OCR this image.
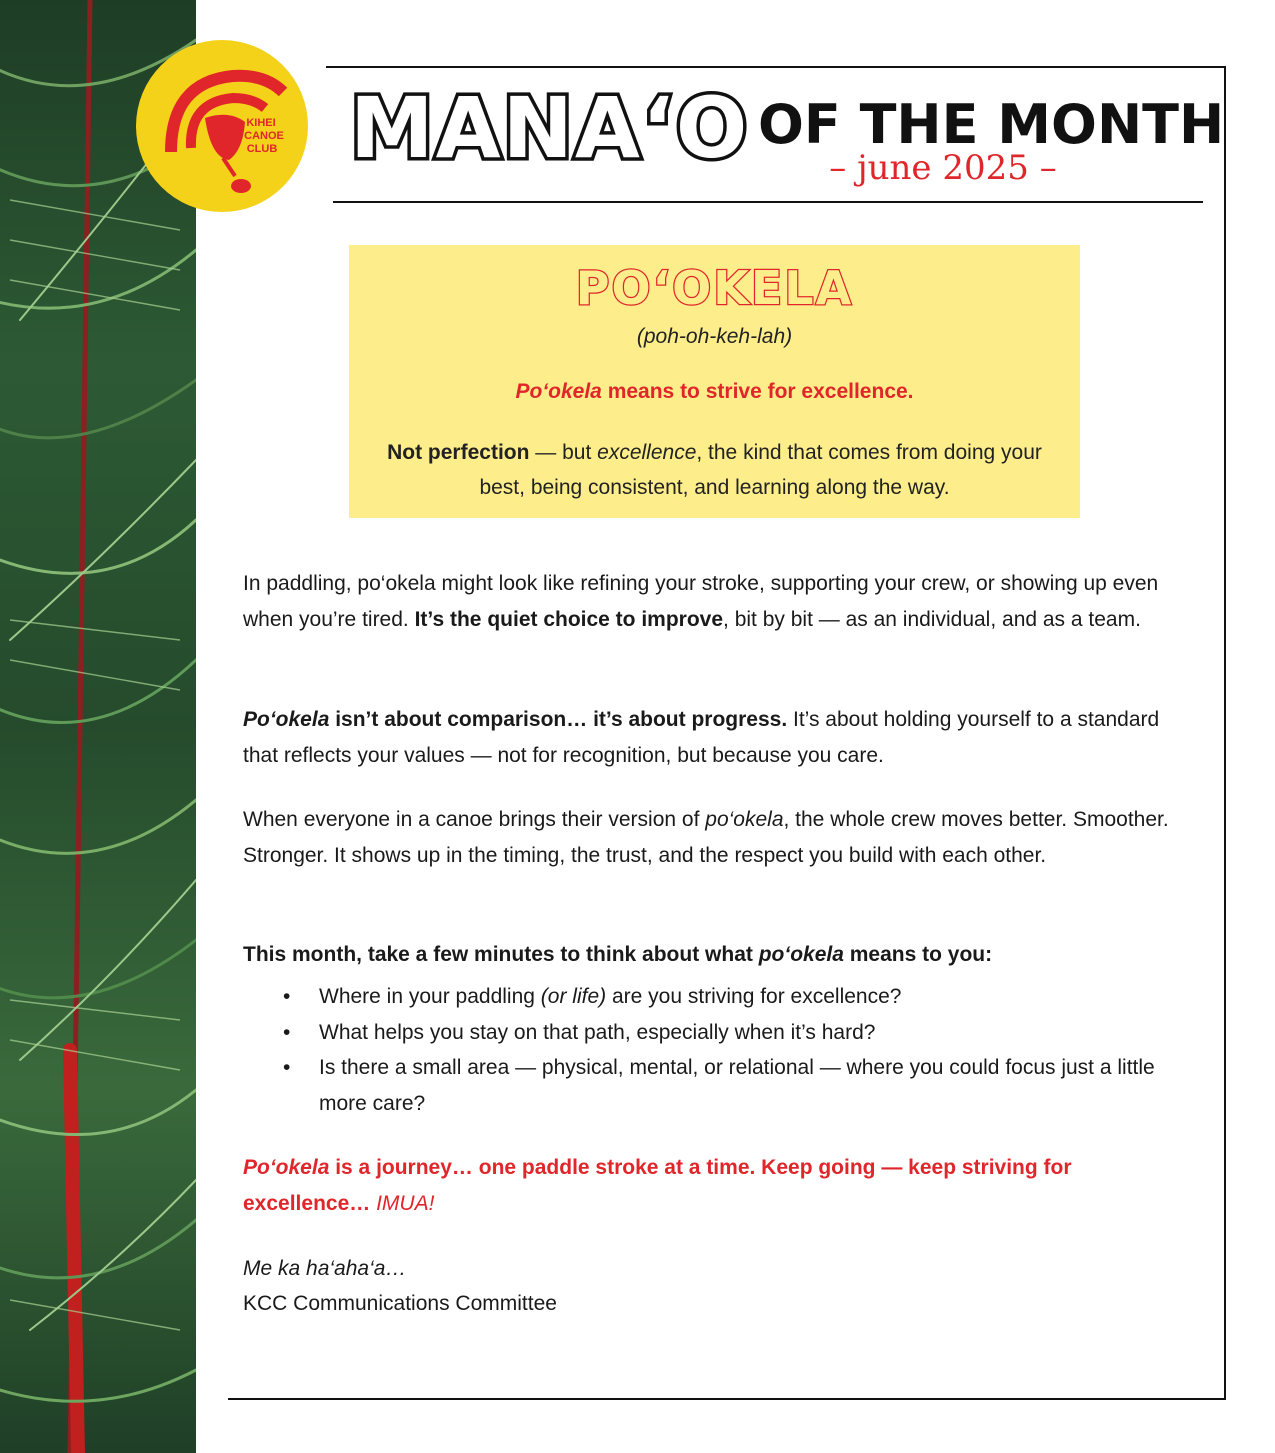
KIHEI
CANOE
CLUB MANA‘O OF THE MONTH
– june 2025 –
PO‘OKELA
(poh-oh-keh-lah)
Po‘okela means to strive for excellence.
Not perfection — but excellence, the kind that comes from doing your best, being consistent, and learning along the way.
In paddling, po‘okela might look like refining your stroke, supporting your crew, or showing up even when you’re tired. It’s the quiet choice to improve, bit by bit — as an individual, and as a team.
Po‘okela isn’t about comparison… it’s about progress. It’s about holding yourself to a standard that reflects your values — not for recognition, but because you care.
When everyone in a canoe brings their version of po‘okela, the whole crew moves better. Smoother. Stronger. It shows up in the timing, the trust, and the respect you build with each other.
This month, take a few minutes to think about what po‘okela means to you:
• Where in your paddling (or life) are you striving for excellence?
• What helps you stay on that path, especially when it’s hard?
• Is there a small area — physical, mental, or relational — where you could focus just a little more care?
Po‘okela is a journey… one paddle stroke at a time. Keep going — keep striving for excellence… IMUA!
Me ka ha‘aha‘a…
KCC Communications Committee
